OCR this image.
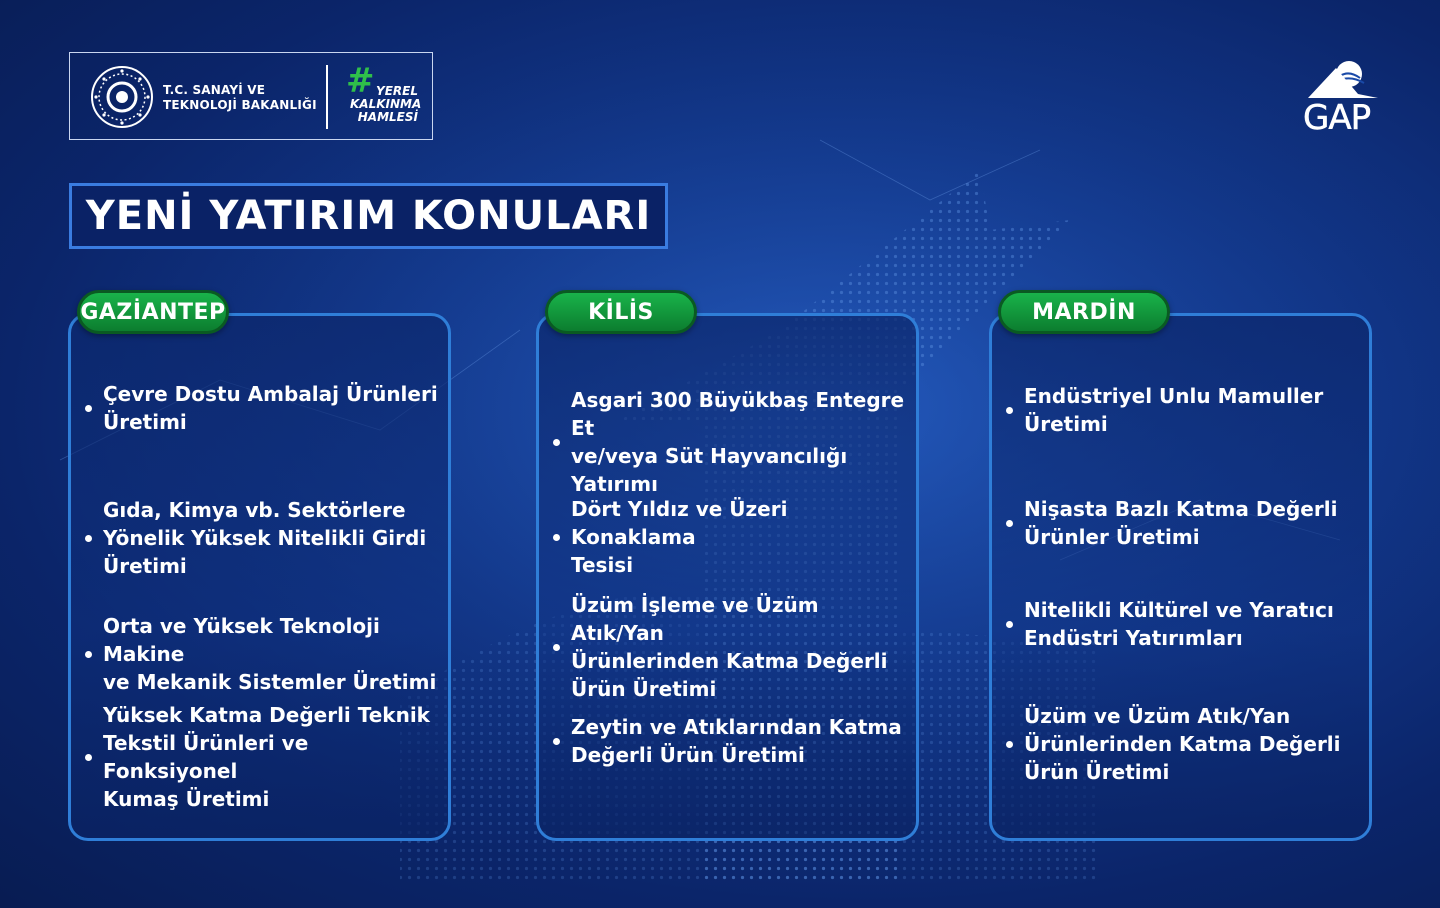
T.C. SANAYİ VE
TEKNOLOJİ BAKANLIĞI
# YEREL
KALKINMA
HAMLESİ	GAP
YENİ YATIRIM KONULARI
GAZİANTEP
Çevre Dostu Ambalaj Ürünleri
Üretimi
Gıda, Kimya vb. Sektörlere
Yönelik Yüksek Nitelikli Girdi
Üretimi
Orta ve Yüksek Teknoloji Makine
ve Mekanik Sistemler Üretimi
Yüksek Katma Değerli Teknik
Tekstil Ürünleri ve Fonksiyonel
Kumaş Üretimi
KİLİS
Asgari 300 Büyükbaş Entegre Et
ve/veya Süt Hayvancılığı Yatırımı
Dört Yıldız ve Üzeri Konaklama
Tesisi
Üzüm İşleme ve Üzüm Atık/Yan
Ürünlerinden Katma Değerli
Ürün Üretimi
Zeytin ve Atıklarından Katma
Değerli Ürün Üretimi
MARDİN
Endüstriyel Unlu Mamuller
Üretimi
Nişasta Bazlı Katma Değerli
Ürünler Üretimi
Nitelikli Kültürel ve Yaratıcı
Endüstri Yatırımları
Üzüm ve Üzüm Atık/Yan
Ürünlerinden Katma Değerli
Ürün Üretimi
